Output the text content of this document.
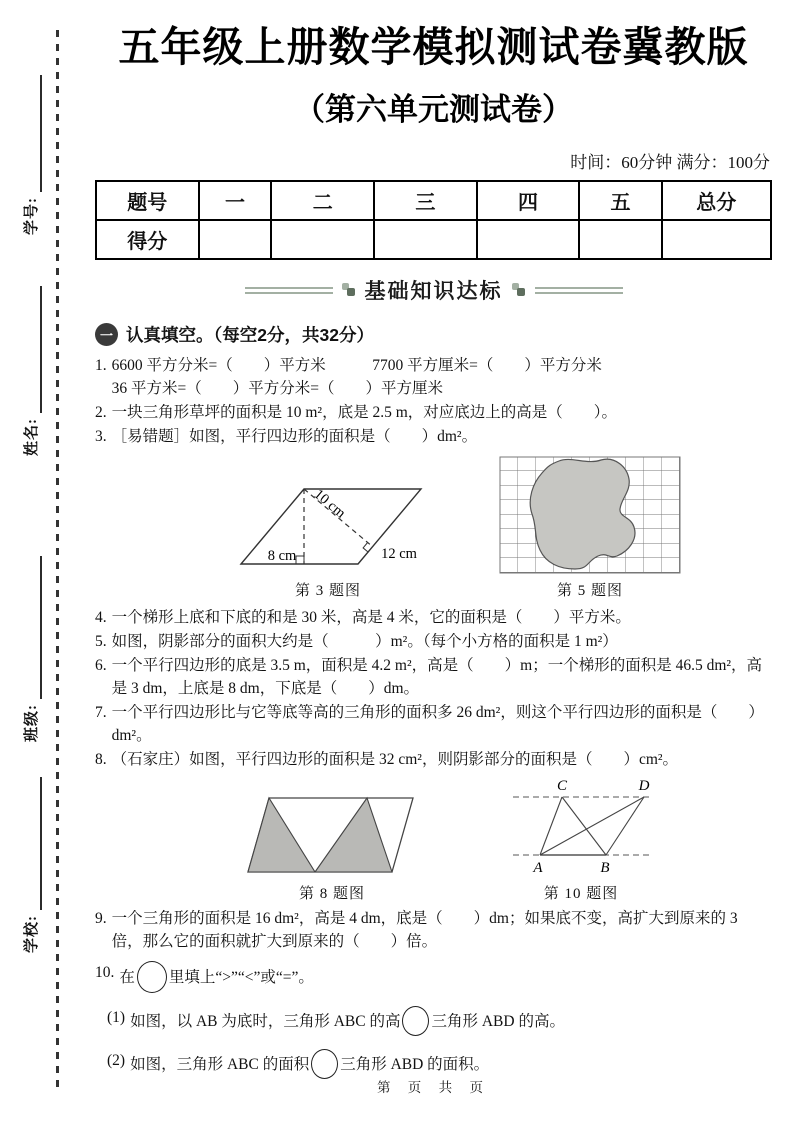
学号:
姓名:
班级:
学校:
五年级上册数学模拟测试卷冀教版
（第六单元测试卷）
时间：60分钟 满分：100分
题号	一	二	三	四	五	总分
得分						
基础知识达标
一 认真填空。（每空2分，共32分）
1. 6600 平方分米=（　　）平方米　　　7700 平方厘米=（　　）平方分米
36 平方米=（　　）平方分米=（　　）平方厘米
2. 一块三角形草坪的面积是 10 m²，底是 2.5 m，对应底边上的高是（　　）。
3. ［易错题］如图，平行四边形的面积是（　　）dm²。
8 cm
10 cm
12 cm
第 3 题图	第 5 题图
4. 一个梯形上底和下底的和是 30 米，高是 4 米，它的面积是（　　）平方米。
5. 如图，阴影部分的面积大约是（　　　）m²。（每个小方格的面积是 1 m²）
6. 一个平行四边形的底是 3.5 m，面积是 4.2 m²，高是（　　）m；一个梯形的面积是 46.5 dm²，高是 3 dm，上底是 8 dm，下底是（　　）dm。
7. 一个平行四边形比与它等底等高的三角形的面积多 26 dm²，则这个平行四边形的面积是（　　）dm²。
8. （石家庄）如图，平行四边形的面积是 32 cm²，则阴影部分的面积是（　　）cm²。
第 8 题图
C	D
A	B
第 10 题图
9. 一个三角形的面积是 16 dm²，高是 4 dm，底是（　　）dm；如果底不变，高扩大到原来的 3 倍，那么它的面积就扩大到原来的（　　）倍。
10. 在 里填上“>”“<”或“=”。
(1) 如图，以 AB 为底时，三角形 ABC 的高 三角形 ABD 的高。
(2) 如图，三角形 ABC 的面积 三角形 ABD 的面积。
第 页 共 页
